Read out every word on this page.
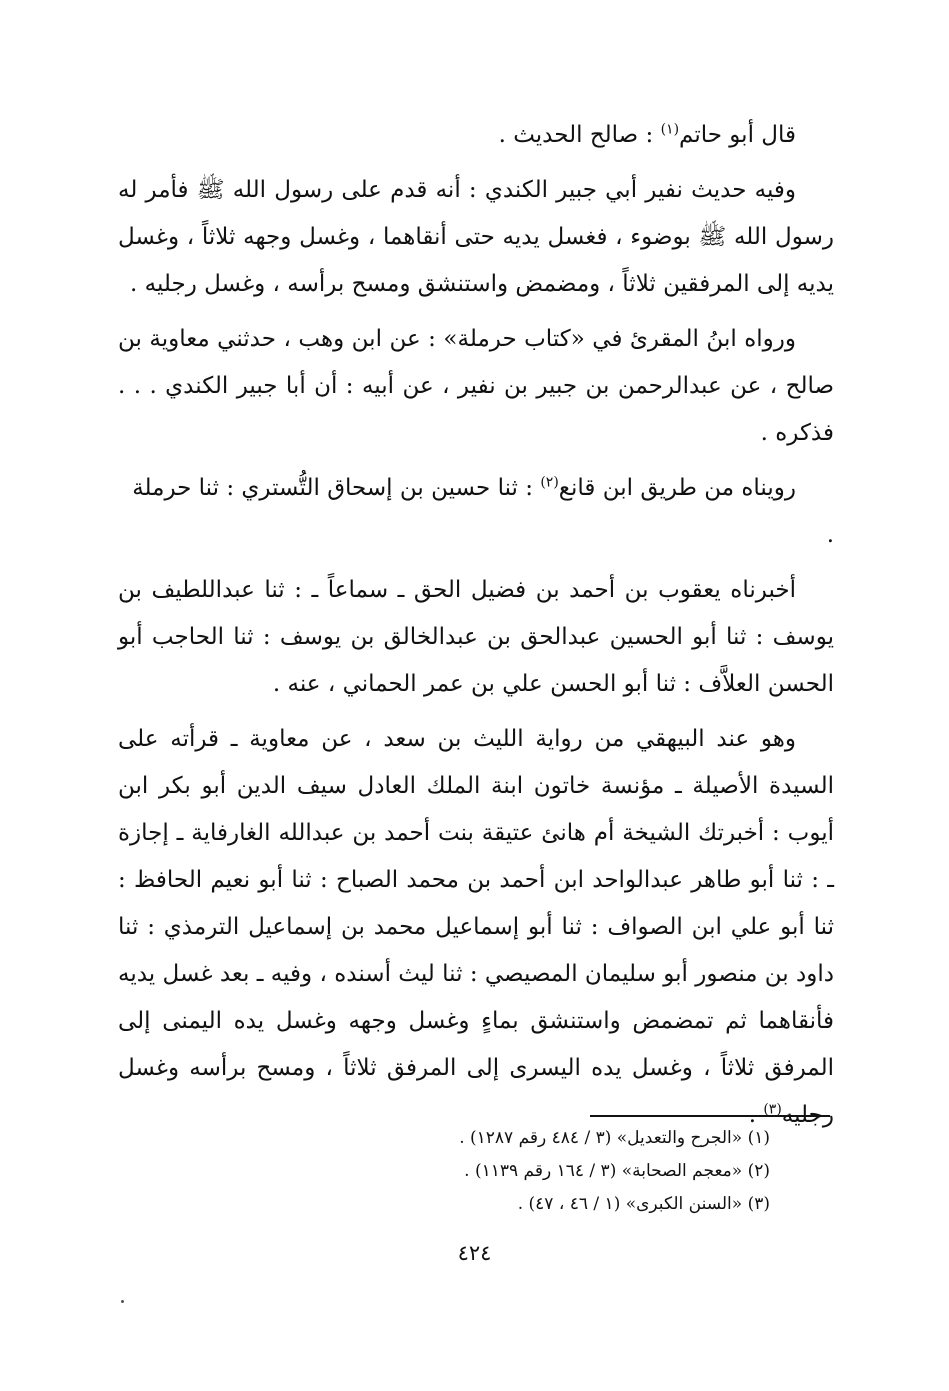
قال أبو حاتم$^{(١)}$ : صالح الحديث .

وفيه حديث نفير أبي جبير الكندي : أنه قدم على رسول الله ﷺ فأمر له رسول الله ﷺ بوضوء ، فغسل يديه حتى أنقاهما ، وغسل وجهه ثلاثاً ، وغسل يديه إلى المرفقين ثلاثاً ، ومضمض واستنشق ومسح برأسه ، وغسل رجليه .

ورواه ابنُ المقرئ في «كتاب حرملة» : عن ابن وهب ، حدثني معاوية بن صالح ، عن عبدالرحمن بن جبير بن نفير ، عن أبيه : أن أبا جبير الكندي . . . فذكره .

رويناه من طريق ابن قانع$^{(٢)}$ : ثنا حسين بن إسحاق التُّستري : ثنا حرملة .

أخبرناه يعقوب بن أحمد بن فضيل الحق ـ سماعاً ـ : ثنا عبداللطيف بن يوسف : ثنا أبو الحسين عبدالحق بن عبدالخالق بن يوسف : ثنا الحاجب أبو الحسن العلاَّف : ثنا أبو الحسن علي بن عمر الحماني ، عنه .

وهو عند البيهقي من رواية الليث بن سعد ، عن معاوية ـ قرأته على السيدة الأصيلة ـ مؤنسة خاتون ابنة الملك العادل سيف الدين أبو بكر ابن أيوب : أخبرتك الشيخة أم هانئ عتيقة بنت أحمد بن عبدالله الغارفاية ـ إجازة ـ : ثنا أبو طاهر عبدالواحد ابن أحمد بن محمد الصباح : ثنا أبو نعيم الحافظ : ثنا أبو علي ابن الصواف : ثنا أبو إسماعيل محمد بن إسماعيل الترمذي : ثنا داود بن منصور أبو سليمان المصيصي : ثنا ليث أسنده ، وفيه ـ بعد غسل يديه فأنقاهما ثم تمضمض واستنشق بماءٍ وغسل وجهه وغسل يده اليمنى إلى المرفق ثلاثاً ، وغسل يده اليسرى إلى المرفق ثلاثاً ، ومسح برأسه وغسل رجليه$^{(٣)}$ .

(١) «الجرح والتعديل» (٣ / ٤٨٤ رقم ١٢٨٧) .
(٢) «معجم الصحابة» (٣ / ١٦٤ رقم ١١٣٩) .
(٣) «السنن الكبرى» (١ / ٤٦ ، ٤٧) .
٤٢٤
